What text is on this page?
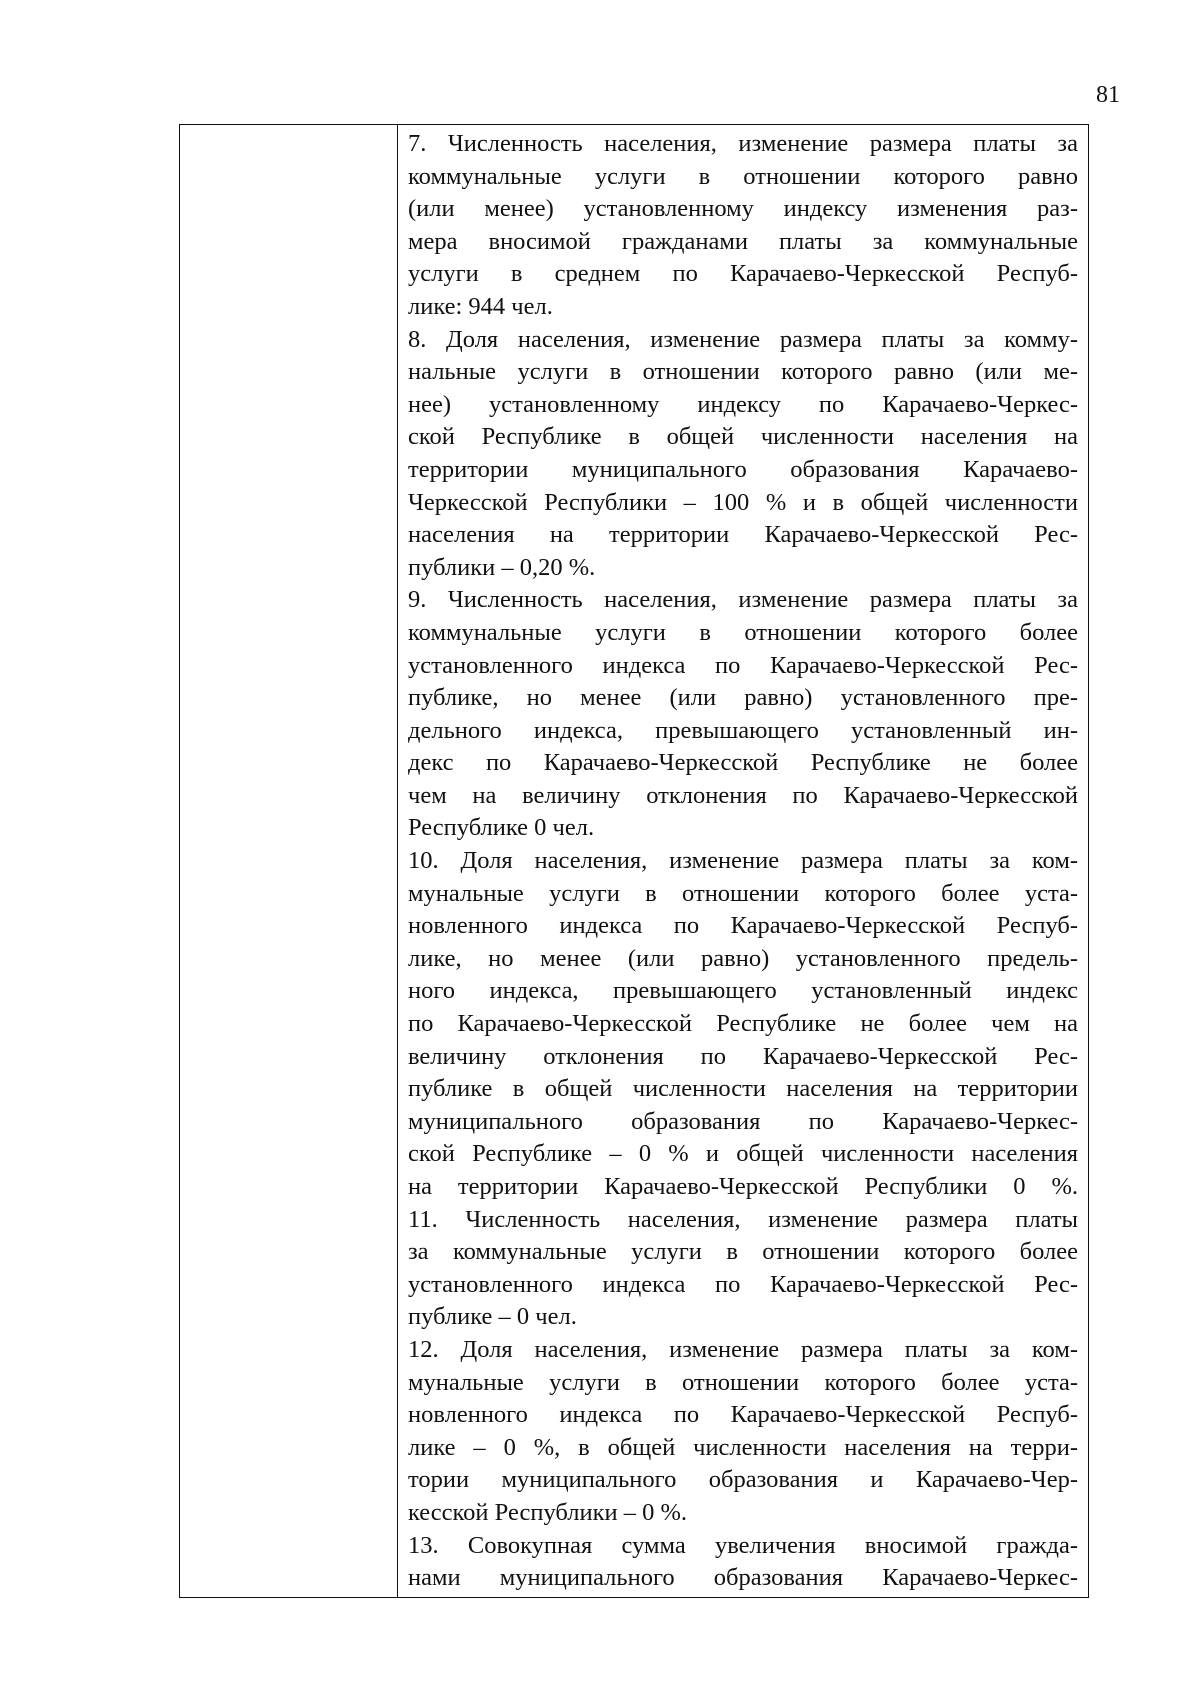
81

7. Численность населения, изменение размера платы за
коммунальные услуги в отношении которого равно
(или менее) установленному индексу изменения раз-
мера вносимой гражданами платы за коммунальные
услуги в среднем по Карачаево-Черкесской Респуб-
лике: 944 чел.

8. Доля населения, изменение размера платы за комму-
нальные услуги в отношении которого равно (или ме-
нее) установленному индексу по Карачаево-Черкес-
ской Республике в общей численности населения на
территории муниципального образования Карачаево-
Черкесской Республики – 100 % и в общей численности
населения на территории Карачаево-Черкесской Рес-
публики – 0,20 %.

9. Численность населения, изменение размера платы за
коммунальные услуги в отношении которого более
установленного индекса по Карачаево-Черкесской Рес-
публике, но менее (или равно) установленного пре-
дельного индекса, превышающего установленный ин-
декс по Карачаево-Черкесской Республике не более
чем на величину отклонения по Карачаево-Черкесской
Республике 0 чел.

10. Доля населения, изменение размера платы за ком-
мунальные услуги в отношении которого более уста-
новленного индекса по Карачаево-Черкесской Респуб-
лике, но менее (или равно) установленного предель-
ного индекса, превышающего установленный индекс
по Карачаево-Черкесской Республике не более чем на
величину отклонения по Карачаево-Черкесской Рес-
публике в общей численности населения на территории
муниципального образования по Карачаево-Черкес-
ской Республике – 0 % и общей численности населения
на территории Карачаево-Черкесской Республики 0 %.

11. Численность населения, изменение размера платы
за коммунальные услуги в отношении которого более
установленного индекса по Карачаево-Черкесской Рес-
публике – 0 чел.

12. Доля населения, изменение размера платы за ком-
мунальные услуги в отношении которого более уста-
новленного индекса по Карачаево-Черкесской Респуб-
лике – 0 %, в общей численности населения на терри-
тории муниципального образования и Карачаево-Чер-
кесской Республики – 0 %.

13. Совокупная сумма увеличения вносимой гражда-
нами муниципального образования Карачаево-Черкес-
